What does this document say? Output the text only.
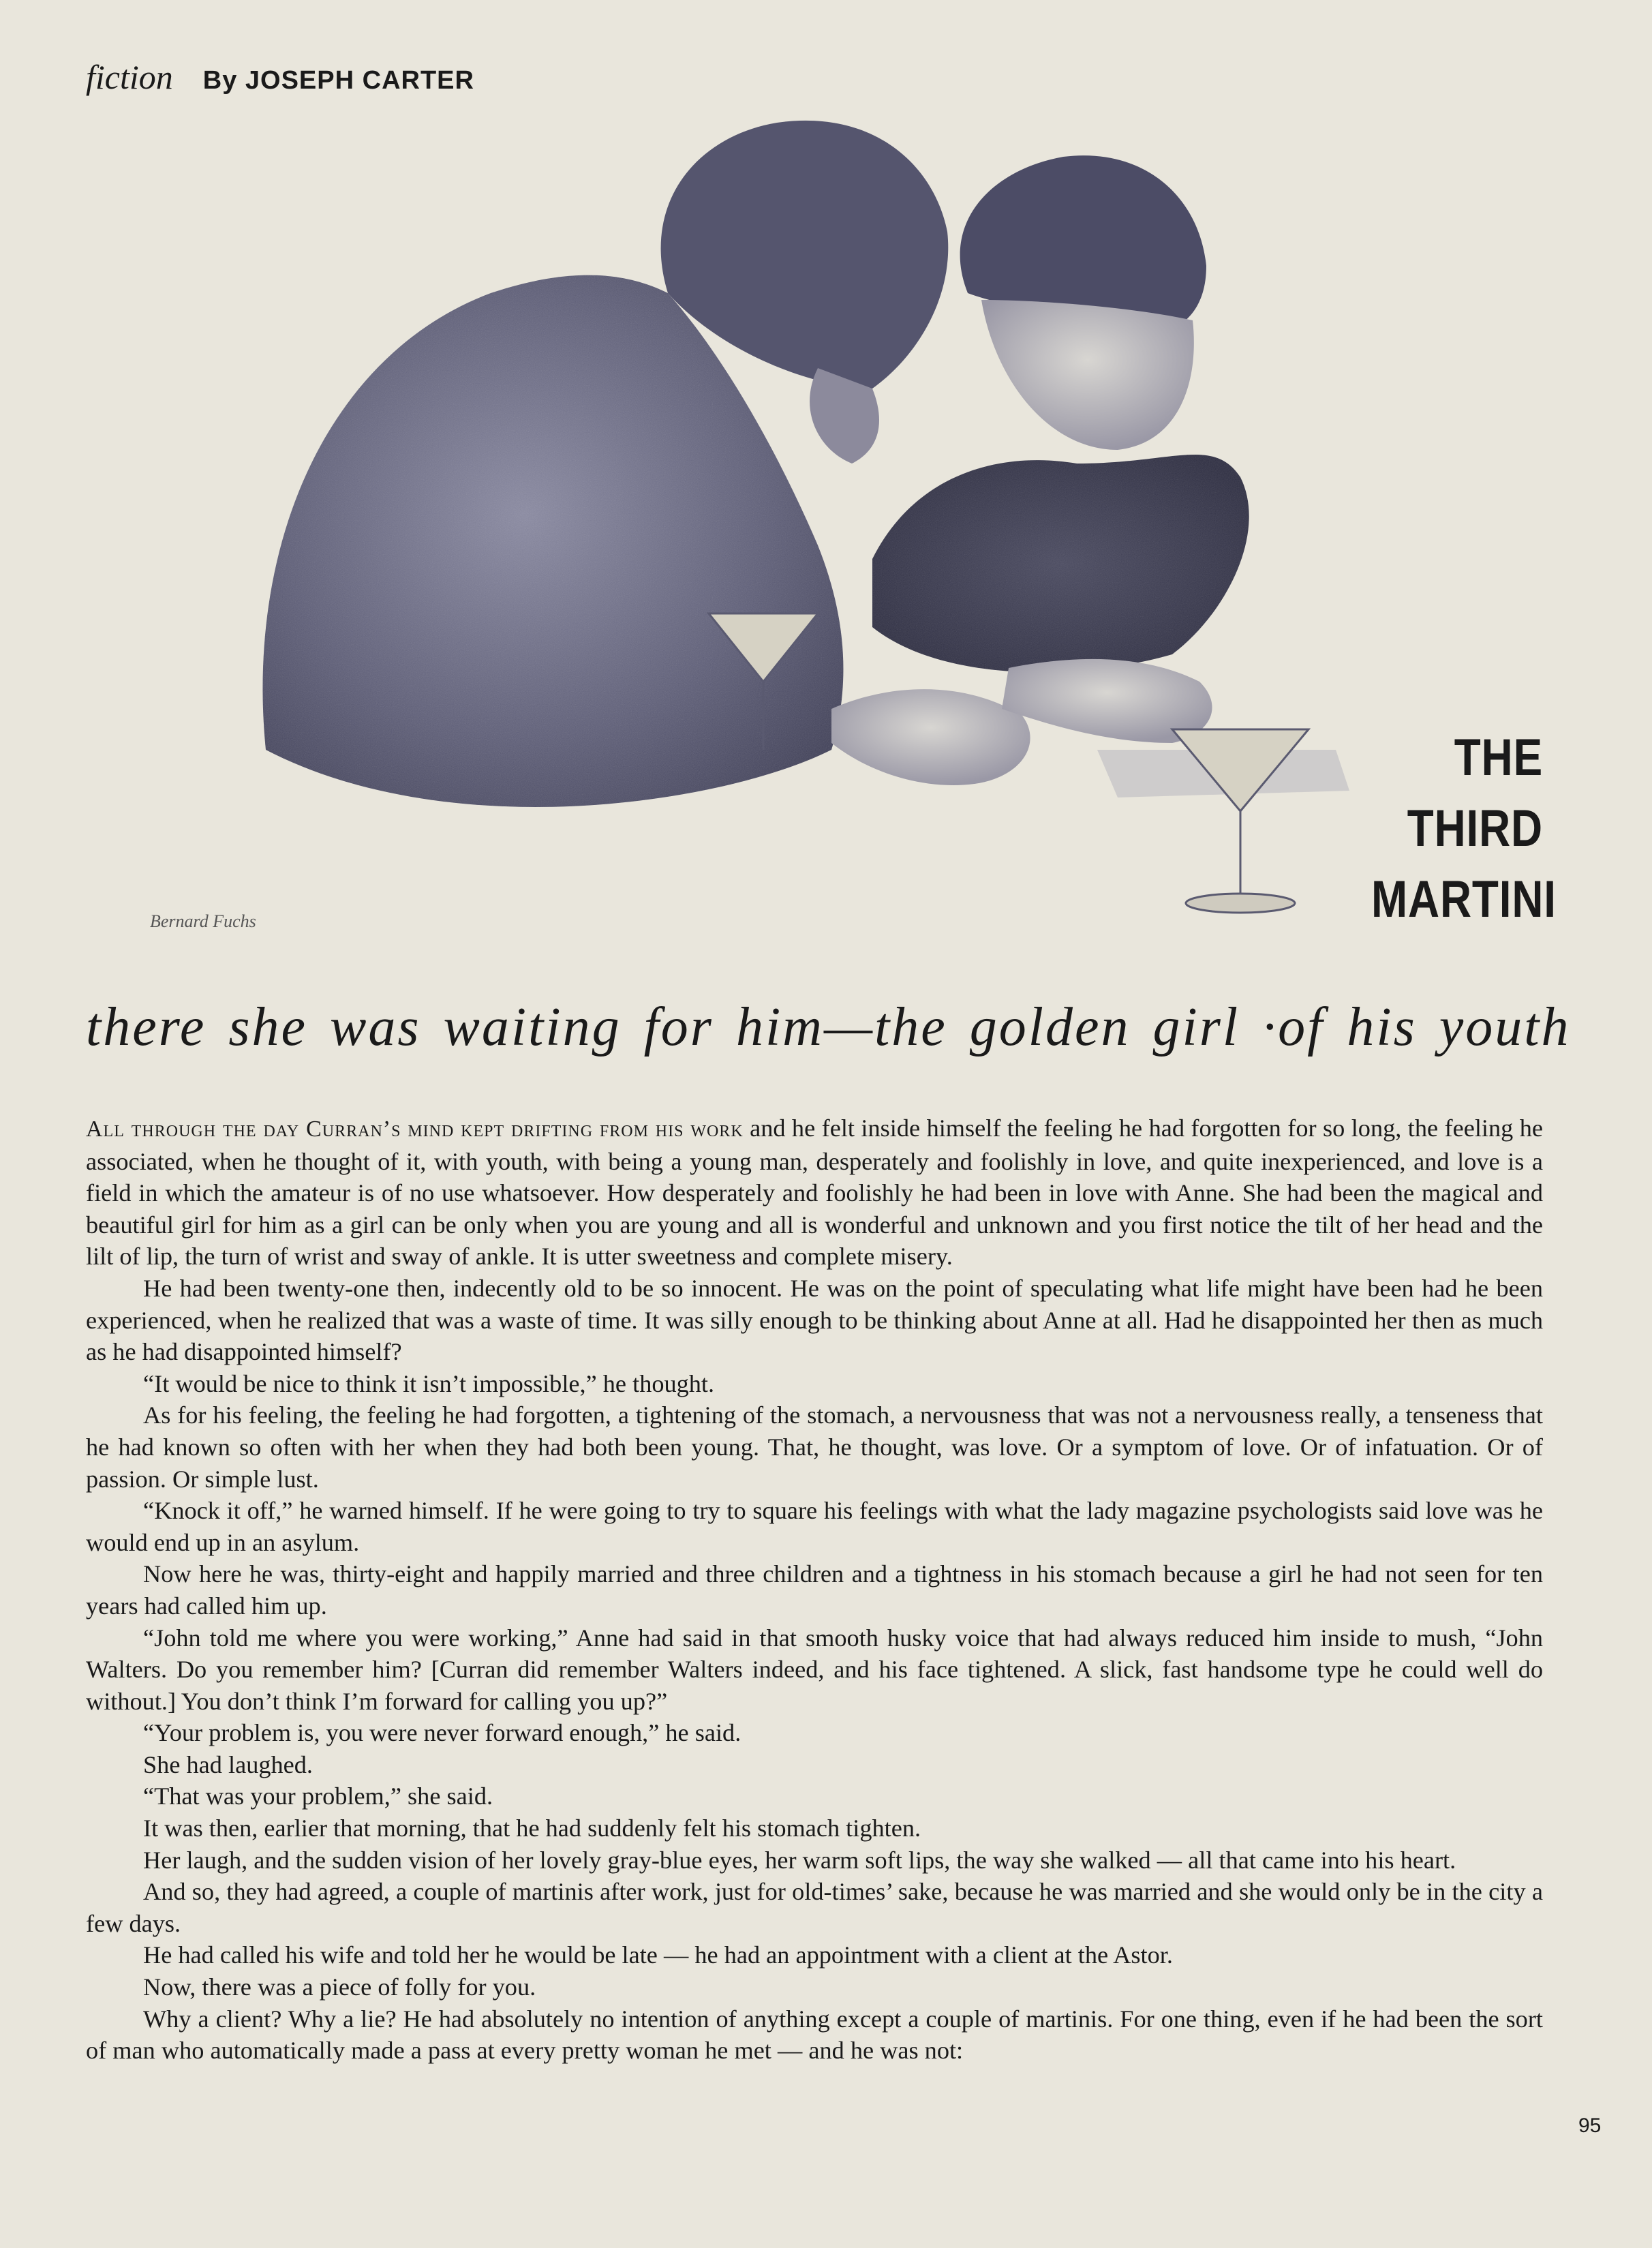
fiction By JOSEPH CARTER
Bernard Fuchs
THE
THIRD
MARTINI
there she was waiting for him—the golden girl ·of his youth

All through the day Curran’s mind kept drifting from his work and he felt inside himself the feeling he had forgotten for so long, the feeling he associated, when he thought of it, with youth, with being a young man, desperately and foolishly in love, and quite inexperienced, and love is a field in which the amateur is of no use whatsoever. How desperately and foolishly he had been in love with Anne. She had been the magical and beautiful girl for him as a girl can be only when you are young and all is wonderful and unknown and you first notice the tilt of her head and the lilt of lip, the turn of wrist and sway of ankle. It is utter sweetness and complete misery.

He had been twenty-one then, indecently old to be so innocent. He was on the point of speculating what life might have been had he been experienced, when he realized that was a waste of time. It was silly enough to be thinking about Anne at all. Had he disappointed her then as much as he had disappointed himself?

“It would be nice to think it isn’t impossible,” he thought.

As for his feeling, the feeling he had forgotten, a tightening of the stomach, a nervousness that was not a nervousness really, a tenseness that he had known so often with her when they had both been young. That, he thought, was love. Or a symptom of love. Or of infatuation. Or of passion. Or simple lust.

“Knock it off,” he warned himself. If he were going to try to square his feelings with what the lady magazine psychologists said love was he would end up in an asylum.

Now here he was, thirty-eight and happily married and three children and a tightness in his stomach because a girl he had not seen for ten years had called him up.

“John told me where you were working,” Anne had said in that smooth husky voice that had always reduced him inside to mush, “John Walters. Do you remember him? [Curran did remember Walters indeed, and his face tightened. A slick, fast handsome type he could well do without.] You don’t think I’m forward for calling you up?”

“Your problem is, you were never forward enough,” he said.

She had laughed.

“That was your problem,” she said.

It was then, earlier that morning, that he had suddenly felt his stomach tighten.

Her laugh, and the sudden vision of her lovely gray-blue eyes, her warm soft lips, the way she walked — all that came into his heart.

And so, they had agreed, a couple of martinis after work, just for old-times’ sake, because he was married and she would only be in the city a few days.

He had called his wife and told her he would be late — he had an appointment with a client at the Astor.

Now, there was a piece of folly for you.

Why a client? Why a lie? He had absolutely no intention of anything except a couple of martinis. For one thing, even if he had been the sort of man who automatically made a pass at every pretty woman he met — and he was not:

95
